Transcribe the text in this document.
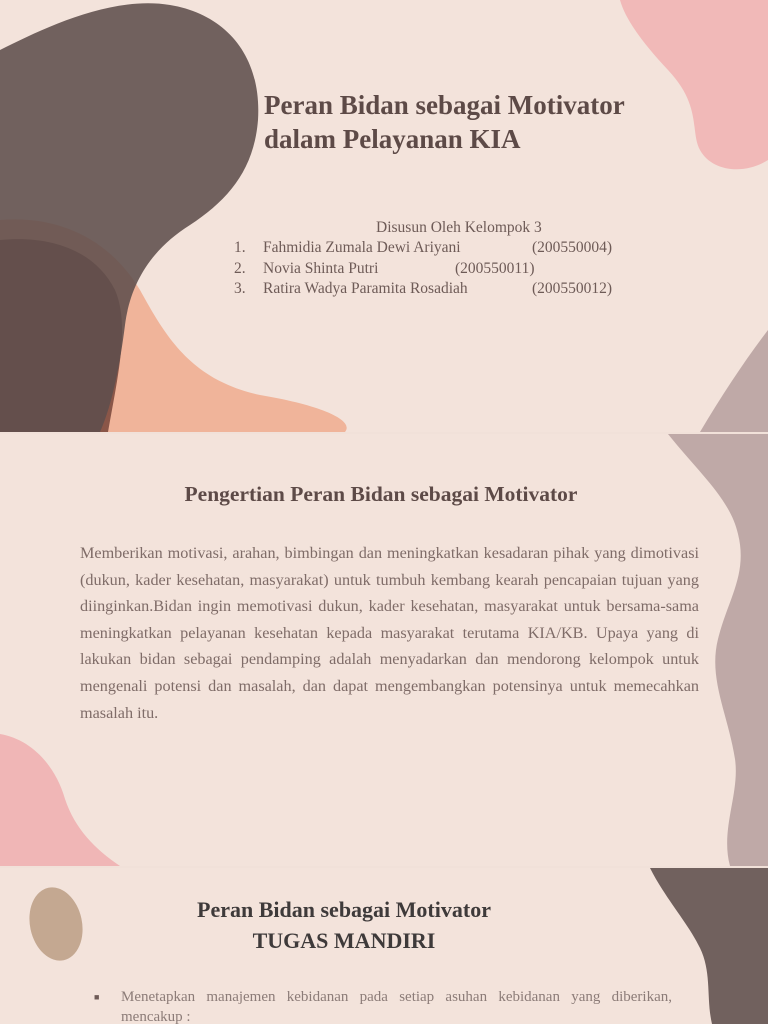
Peran Bidan sebagai Motivator
dalam Pelayanan KIA
Disusun Oleh Kelompok 3
1. Fahmidia Zumala Dewi Ariyani	(200550004)
2. Novia Shinta Putri	(200550011)
3. Ratira Wadya Paramita Rosadiah	(200550012)
Pengertian Peran Bidan sebagai Motivator

Memberikan motivasi, arahan, bimbingan dan meningkatkan kesadaran pihak yang dimotivasi (dukun, kader kesehatan, masyarakat) untuk tumbuh kembang kearah pencapaian tujuan yang diinginkan.Bidan ingin memotivasi dukun, kader kesehatan, masyarakat untuk bersama-sama meningkatkan pelayanan kesehatan kepada masyarakat terutama KIA/KB. Upaya yang di lakukan bidan sebagai pendamping adalah menyadarkan dan mendorong kelompok untuk mengenali potensi dan masalah, dan dapat mengembangkan potensinya untuk memecahkan masalah itu.

Peran Bidan sebagai Motivator
TUGAS MANDIRI
■ Menetapkan manajemen kebidanan pada setiap asuhan kebidanan yang diberikan, mencakup :
